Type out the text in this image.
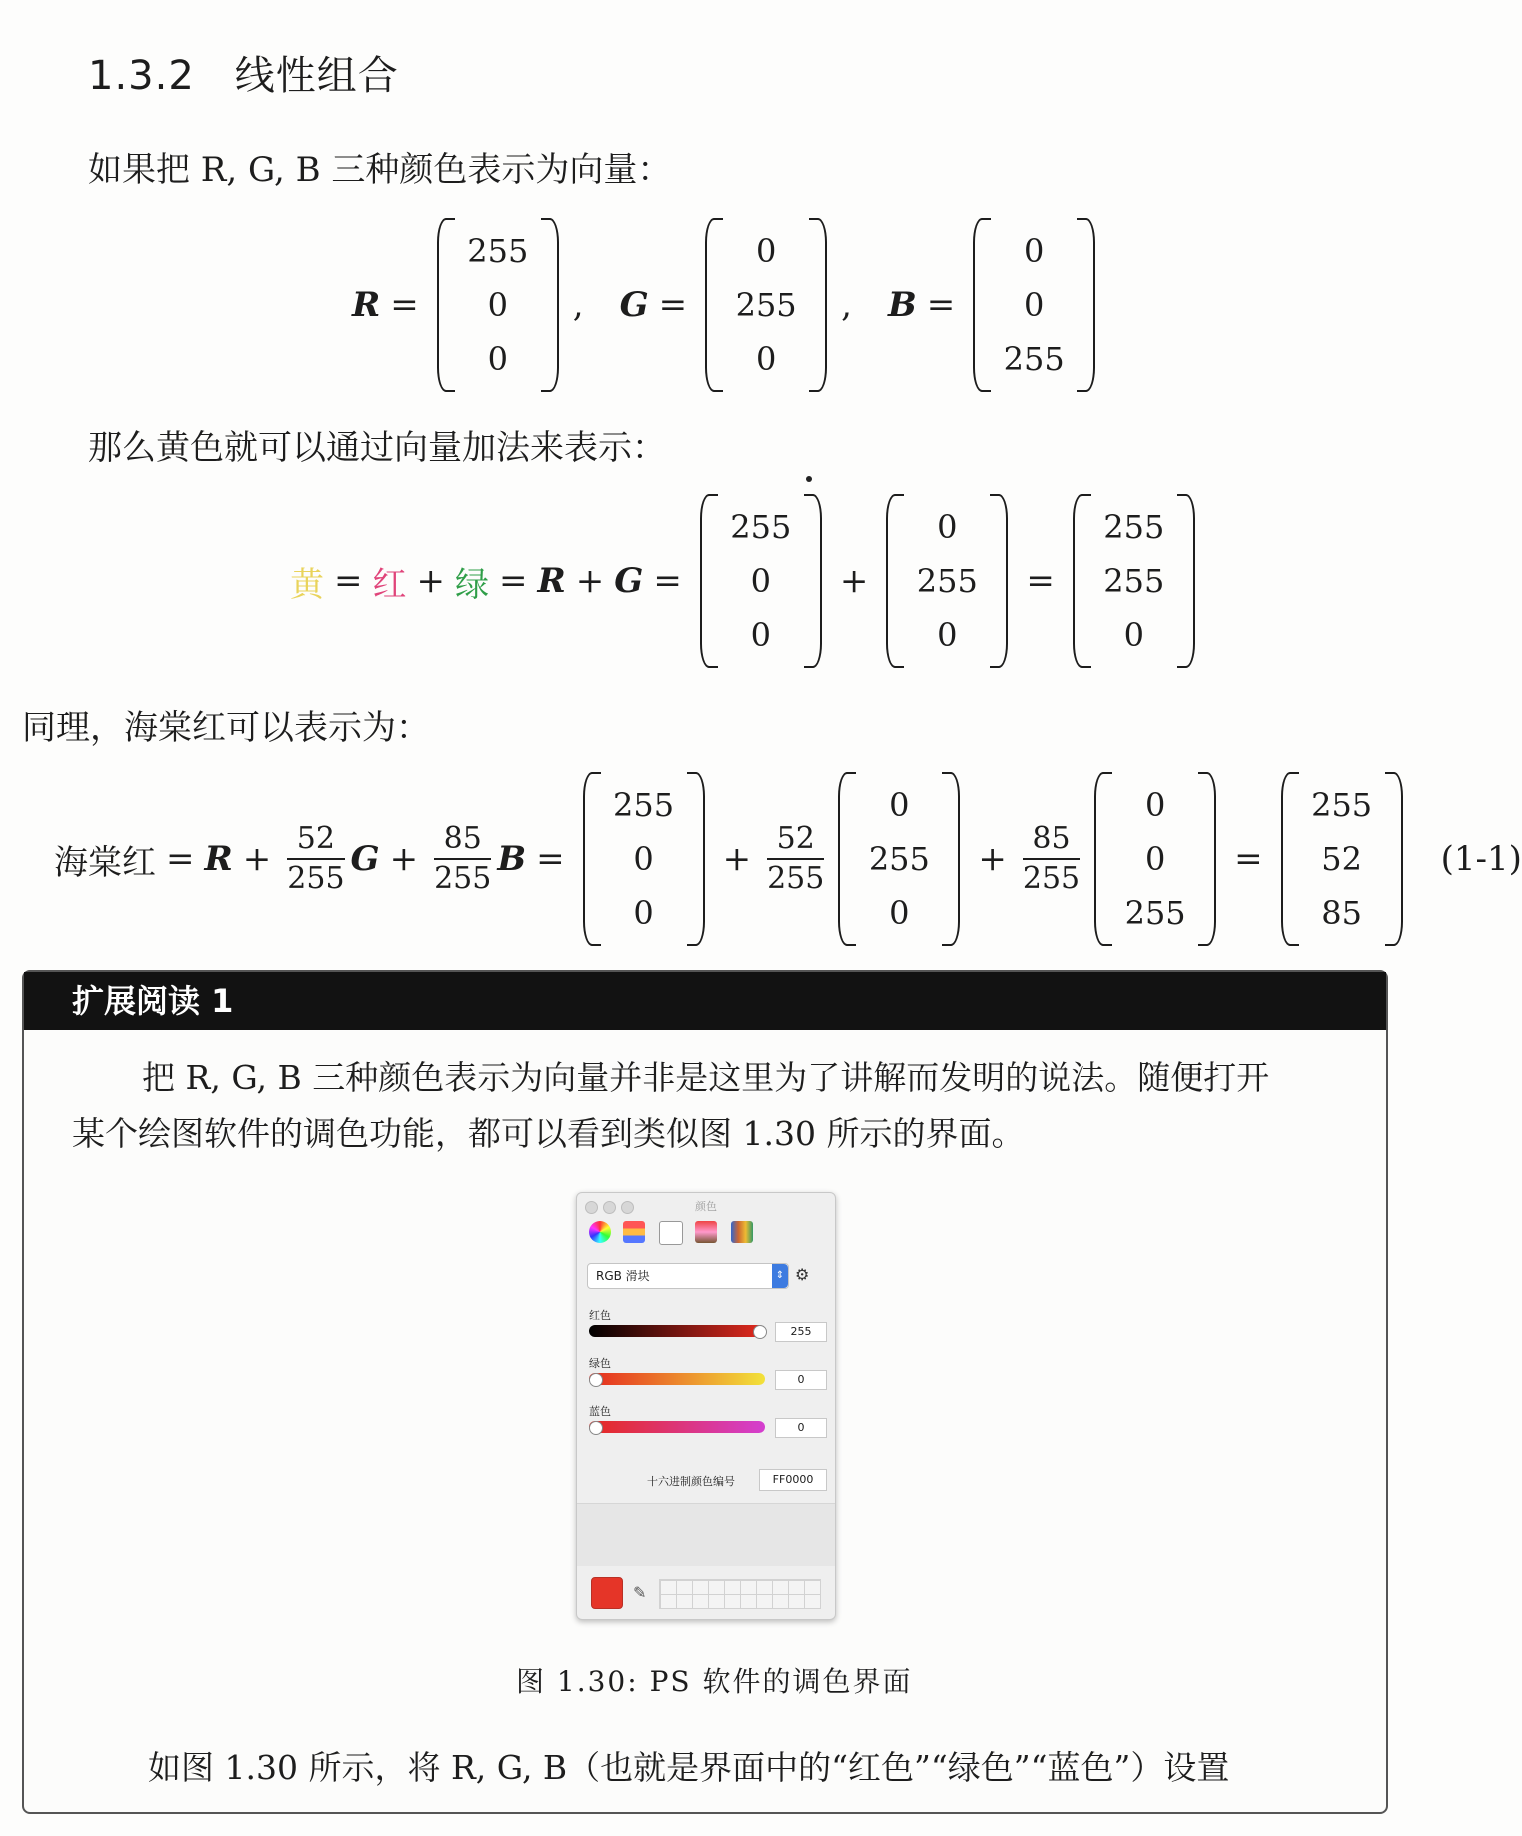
1.3.2 线性组合
如果把 R, G, B 三种颜色表示为向量：
R =
255
0
0
, G =
0
255
0
, B =
0
0
255
那么黄色就可以通过向量加法来表示：
黄 = 红 + 绿 = R + G =
255
0
0
+
0
255
0
=
255
255
0
同理，海棠红可以表示为：
海棠红 = $R + \frac{52}{255}$ $G + \frac{85}{255}$ B =
255
0
0
+ $\frac{52}{255}$
0
255
0
+ $\frac{85}{255}$
0
0
255
=
255
52
85
(1-1)
扩展阅读 1
把 R, G, B 三种颜色表示为向量并非是这里为了讲解而发明的说法。随便打开
某个绘图软件的调色功能，都可以看到类似图 1.30 所示的界面。
图 1.30: PS 软件的调色界面
如图 1.30 所示，将 R, G, B（也就是界面中的“红色”“绿色”“蓝色”）设置
颜色
RGB 滑块	⇕ ⚙
红色
255
绿色
0
蓝色
0
十六进制颜色编号	FF0000
✎
